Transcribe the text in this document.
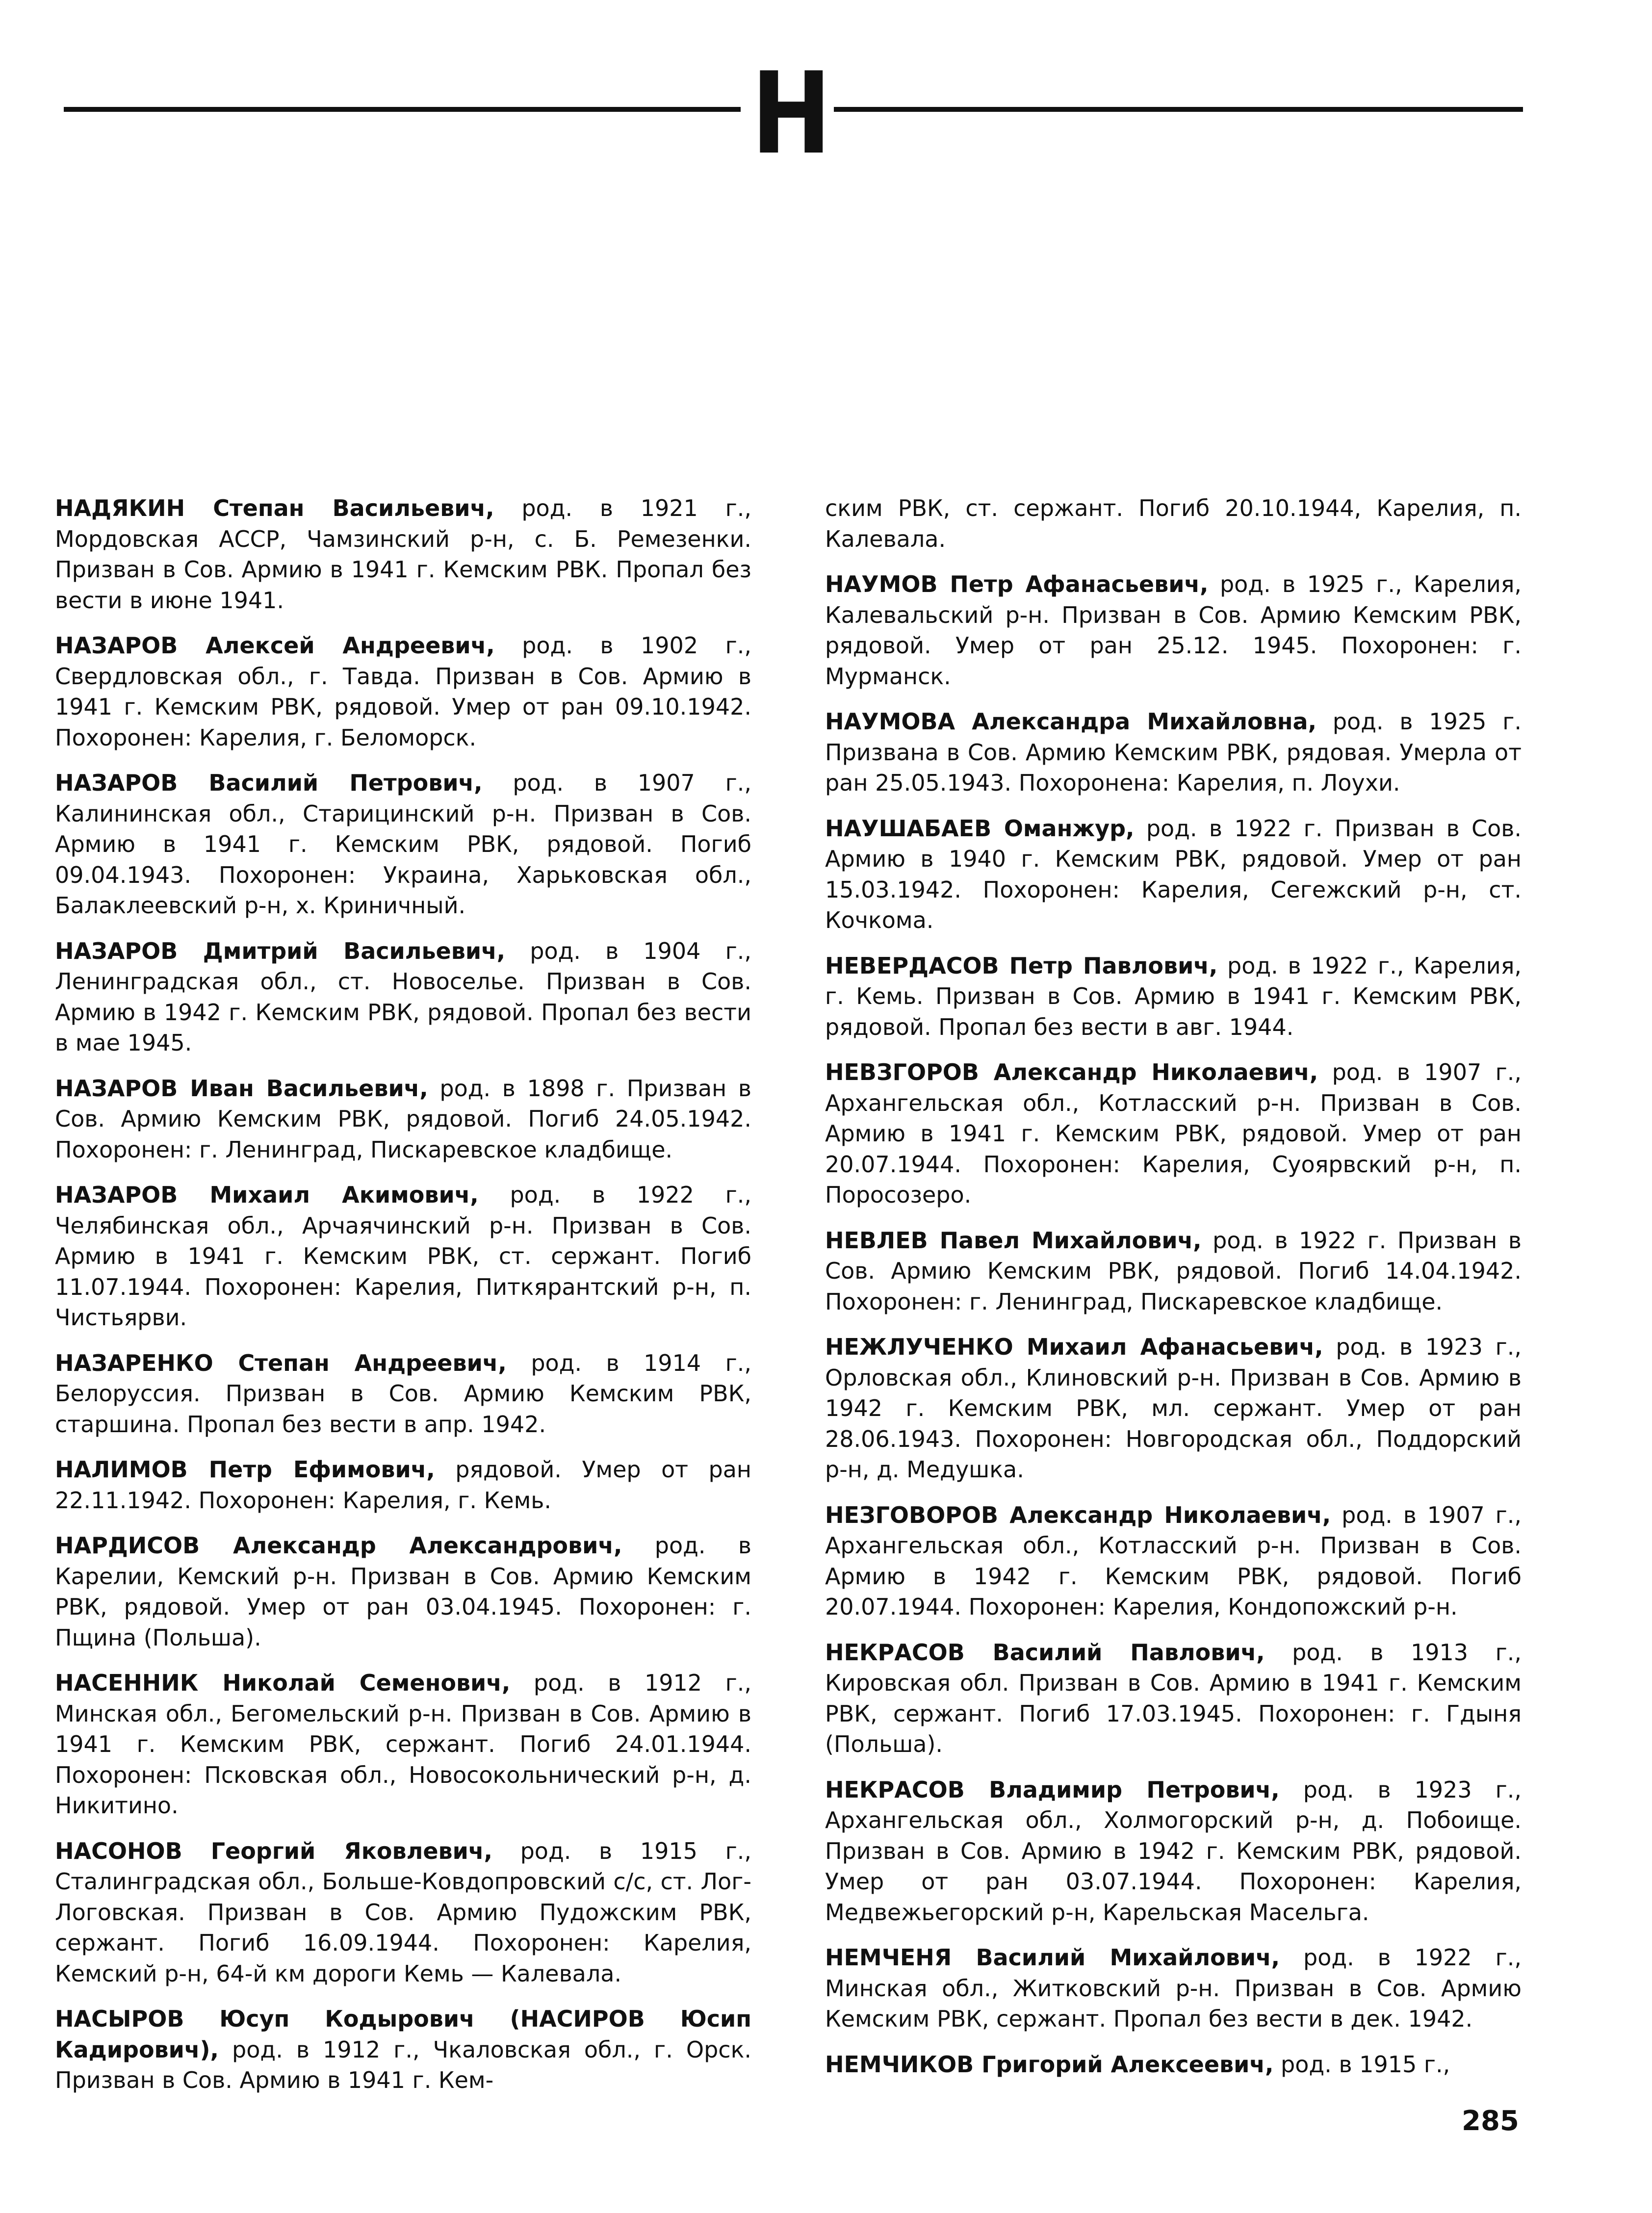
Н

НАДЯКИН Степан Васильевич, род. в 1921 г., Мордовская АССР, Чамзинский р-н, с. Б. Ремезенки. Призван в Сов. Армию в 1941 г. Кемским РВК. Пропал без вести в июне 1941.

НАЗАРОВ Алексей Андреевич, род. в 1902 г., Свердловская обл., г. Тавда. Призван в Сов. Армию в 1941 г. Кемским РВК, рядовой. Умер от ран 09.10.1942. Похоронен: Карелия, г. Беломорск.

НАЗАРОВ Василий Петрович, род. в 1907 г., Калининская обл., Старицинский р-н. Призван в Сов. Армию в 1941 г. Кемским РВК, рядовой. Погиб 09.04.1943. Похоронен: Украина, Харьковская обл., Балаклеевский р-н, х. Криничный.

НАЗАРОВ Дмитрий Васильевич, род. в 1904 г., Ленинградская обл., ст. Новоселье. Призван в Сов. Армию в 1942 г. Кемским РВК, рядовой. Пропал без вести в мае 1945.

НАЗАРОВ Иван Васильевич, род. в 1898 г. Призван в Сов. Армию Кемским РВК, рядовой. Погиб 24.05.1942. Похоронен: г. Ленинград, Пискаревское кладбище.

НАЗАРОВ Михаил Акимович, род. в 1922 г., Челябинская обл., Арчаячинский р-н. Призван в Сов. Армию в 1941 г. Кемским РВК, ст. сержант. Погиб 11.07.1944. Похоронен: Карелия, Питкярантский р-н, п. Чистьярви.

НАЗАРЕНКО Степан Андреевич, род. в 1914 г., Белоруссия. Призван в Сов. Армию Кемским РВК, старшина. Пропал без вести в апр. 1942.

НАЛИМОВ Петр Ефимович, рядовой. Умер от ран 22.11.1942. Похоронен: Карелия, г. Кемь.

НАРДИСОВ Александр Александрович, род. в Карелии, Кемский р-н. Призван в Сов. Армию Кемским РВК, рядовой. Умер от ран 03.04.1945. Похоронен: г. Пщина (Польша).

НАСЕННИК Николай Семенович, род. в 1912 г., Минская обл., Бегомельский р-н. Призван в Сов. Армию в 1941 г. Кемским РВК, сержант. Погиб 24.01.1944. Похоронен: Псковская обл., Новосокольнический р-н, д. Никитино.

НАСОНОВ Георгий Яковлевич, род. в 1915 г., Сталинградская обл., Больше-Ковдопровский с/с, ст. Лог-Логовская. Призван в Сов. Армию Пудожским РВК, сержант. Погиб 16.09.1944. Похоронен: Карелия, Кемский р-н, 64-й км дороги Кемь — Калевала.

НАСЫРОВ Юсуп Кодырович (НАСИРОВ Юсип Кадирович), род. в 1912 г., Чкаловская обл., г. Орск. Призван в Сов. Армию в 1941 г. Кем-

ским РВК, ст. сержант. Погиб 20.10.1944, Карелия, п. Калевала.

НАУМОВ Петр Афанасьевич, род. в 1925 г., Карелия, Калевальский р-н. Призван в Сов. Армию Кемским РВК, рядовой. Умер от ран 25.12. 1945. Похоронен: г. Мурманск.

НАУМОВА Александра Михайловна, род. в 1925 г. Призвана в Сов. Армию Кемским РВК, рядовая. Умерла от ран 25.05.1943. Похоронена: Карелия, п. Лоухи.

НАУШАБАЕВ Оманжур, род. в 1922 г. Призван в Сов. Армию в 1940 г. Кемским РВК, рядовой. Умер от ран 15.03.1942. Похоронен: Карелия, Сегежский р-н, ст. Кочкома.

НЕВЕРДАСОВ Петр Павлович, род. в 1922 г., Карелия, г. Кемь. Призван в Сов. Армию в 1941 г. Кемским РВК, рядовой. Пропал без вести в авг. 1944.

НЕВЗГОРОВ Александр Николаевич, род. в 1907 г., Архангельская обл., Котласский р-н. Призван в Сов. Армию в 1941 г. Кемским РВК, рядовой. Умер от ран 20.07.1944. Похоронен: Карелия, Суоярвский р-н, п. Поросозеро.

НЕВЛЕВ Павел Михайлович, род. в 1922 г. Призван в Сов. Армию Кемским РВК, рядовой. Погиб 14.04.1942. Похоронен: г. Ленинград, Пискаревское кладбище.

НЕЖЛУЧЕНКО Михаил Афанасьевич, род. в 1923 г., Орловская обл., Клиновский р-н. Призван в Сов. Армию в 1942 г. Кемским РВК, мл. сержант. Умер от ран 28.06.1943. Похоронен: Новгородская обл., Поддорский р-н, д. Медушка.

НЕЗГОВОРОВ Александр Николаевич, род. в 1907 г., Архангельская обл., Котласский р-н. Призван в Сов. Армию в 1942 г. Кемским РВК, рядовой. Погиб 20.07.1944. Похоронен: Карелия, Кондопожский р-н.

НЕКРАСОВ Василий Павлович, род. в 1913 г., Кировская обл. Призван в Сов. Армию в 1941 г. Кемским РВК, сержант. Погиб 17.03.1945. Похоронен: г. Гдыня (Польша).

НЕКРАСОВ Владимир Петрович, род. в 1923 г., Архангельская обл., Холмогорский р-н, д. Побоище. Призван в Сов. Армию в 1942 г. Кемским РВК, рядовой. Умер от ран 03.07.1944. Похоронен: Карелия, Медвежьегорский р-н, Карельская Масельга.

НЕМЧЕНЯ Василий Михайлович, род. в 1922 г., Минская обл., Житковский р-н. Призван в Сов. Армию Кемским РВК, сержант. Пропал без вести в дек. 1942.

НЕМЧИКОВ Григорий Алексеевич, род. в 1915 г.,

285
